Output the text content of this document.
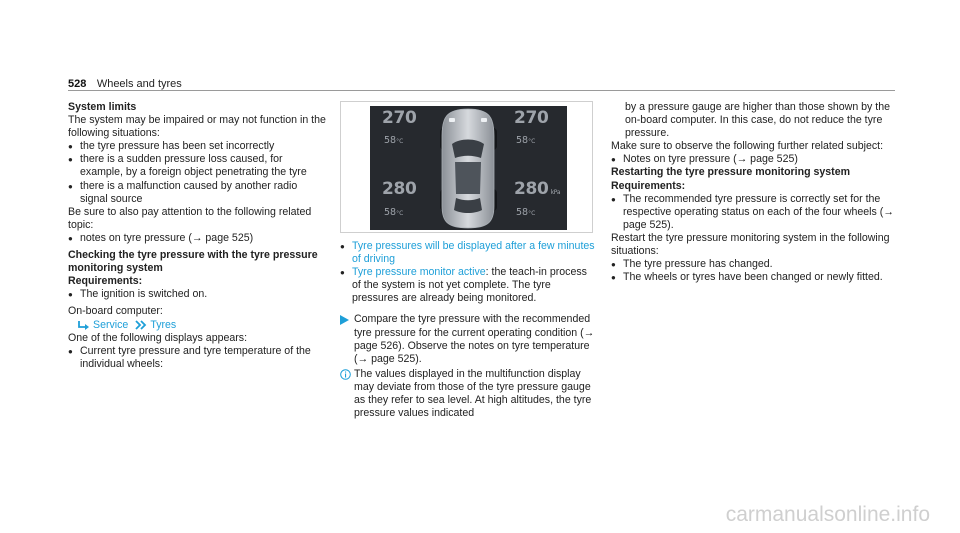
528 Wheels and tyres

System limits

The system may be impaired or may not function in the following situations:

● the tyre pressure has been set incorrectly
● there is a sudden pressure loss caused, for example, by a foreign object penetrating the tyre
● there is a malfunction caused by another radio signal source

Be sure to also pay attention to the following related topic:

● notes on tyre pressure (→ page 525)

Checking the tyre pressure with the tyre pressure monitoring system

Requirements:

● The ignition is switched on.

On-board computer:

Service Tyres

One of the following displays appears:

● Current tyre pressure and tyre temperature of the individual wheels:
270
58°C
270
58°C
280
58°C
280 kPa
58°C
● Tyre pressures will be displayed after a few minutes of driving
● Tyre pressure monitor active: the teach-in process of the system is not yet complete. The tyre pressures are already being monitored.
Compare the tyre pressure with the recommended tyre pressure for the current operating condition (→ page 526). Observe the notes on tyre temperature (→ page 525).
The values displayed in the multifunction display may deviate from those of the tyre pressure gauge as they refer to sea level. At high altitudes, the tyre pressure values indicated

by a pressure gauge are higher than those shown by the on-board computer. In this case, do not reduce the tyre pressure.

Make sure to observe the following further related subject:

● Notes on tyre pressure (→ page 525)

Restarting the tyre pressure monitoring system

Requirements:

● The recommended tyre pressure is correctly set for the respective operating status on each of the four wheels (→ page 525).

Restart the tyre pressure monitoring system in the following situations:

● The tyre pressure has changed.
● The wheels or tyres have been changed or newly fitted.
carmanualsonline.info
